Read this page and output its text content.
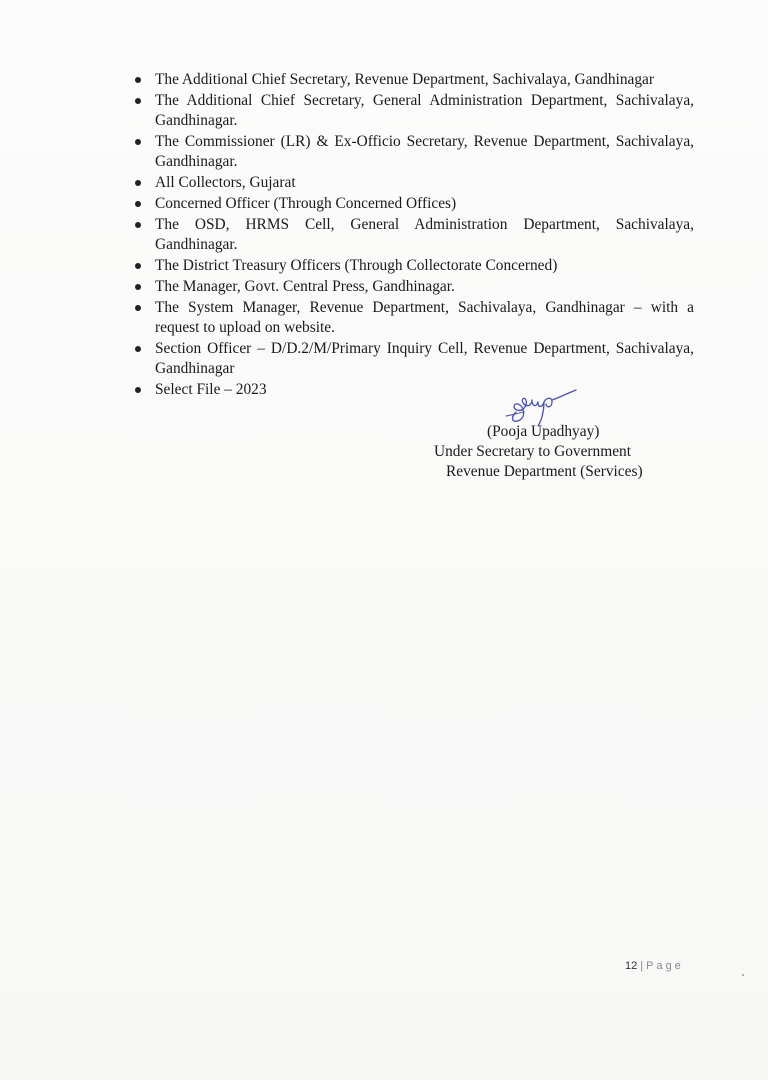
The Additional Chief Secretary, Revenue Department, Sachivalaya, Gandhinagar
The Additional Chief Secretary, General Administration Department, Sachivalaya, Gandhinagar.
The Commissioner (LR) & Ex-Officio Secretary, Revenue Department, Sachivalaya, Gandhinagar.
All Collectors, Gujarat
Concerned Officer (Through Concerned Offices)
The OSD, HRMS Cell, General Administration Department, Sachivalaya, Gandhinagar.
The District Treasury Officers (Through Collectorate Concerned)
The Manager, Govt. Central Press, Gandhinagar.
The System Manager, Revenue Department, Sachivalaya, Gandhinagar – with a request to upload on website.
Section Officer – D/D.2/M/Primary Inquiry Cell, Revenue Department, Sachivalaya, Gandhinagar
Select File – 2023
(Pooja Upadhyay)
Under Secretary to Government
Revenue Department (Services)
12 | Page
